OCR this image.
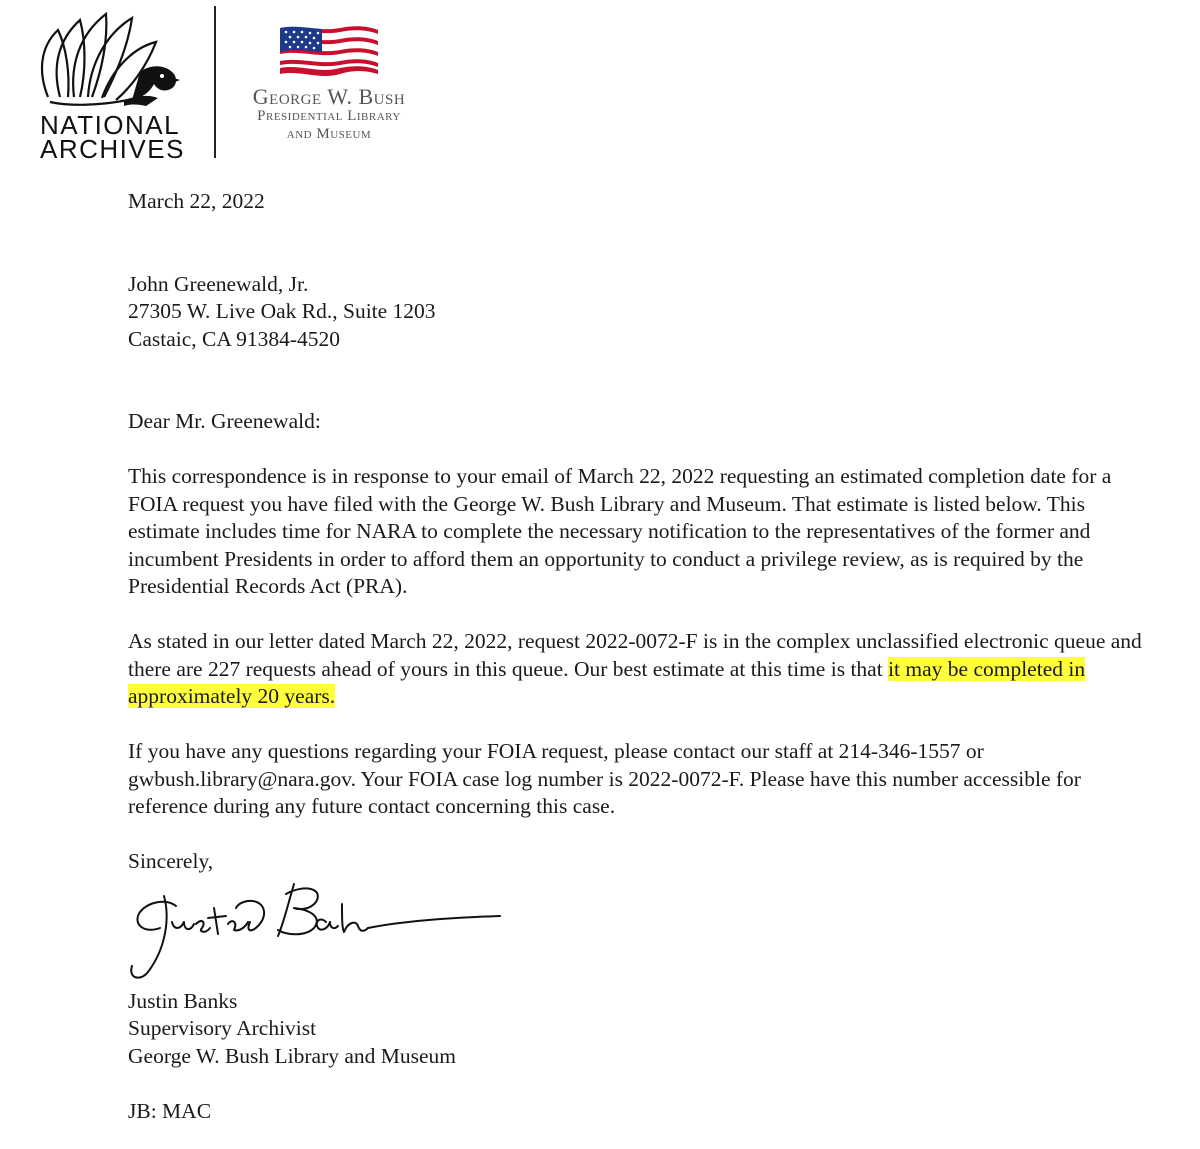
NATIONAL
ARCHIVES
George W. Bush
Presidential Library
and Museum
March 22, 2022
John Greenewald, Jr.
27305 W. Live Oak Rd., Suite 1203
Castaic, CA 91384-4520
Dear Mr. Greenewald:

This correspondence is in response to your email of March 22, 2022 requesting an estimated completion date for a FOIA request you have filed with the George W. Bush Library and Museum. That estimate is listed below. This estimate includes time for NARA to complete the necessary notification to the representatives of the former and incumbent Presidents in order to afford them an opportunity to conduct a privilege review, as is required by the Presidential Records Act (PRA).

As stated in our letter dated March 22, 2022, request 2022-0072-F is in the complex unclassified electronic queue and there are 227 requests ahead of yours in this queue. Our best estimate at this time is that it may be completed in approximately 20 years.

If you have any questions regarding your FOIA request, please contact our staff at 214-346-1557 or gwbush.library@nara.gov. Your FOIA case log number is 2022-0072-F. Please have this number accessible for reference during any future contact concerning this case.

Sincerely,
Justin Banks
Supervisory Archivist
George W. Bush Library and Museum
JB: MAC
